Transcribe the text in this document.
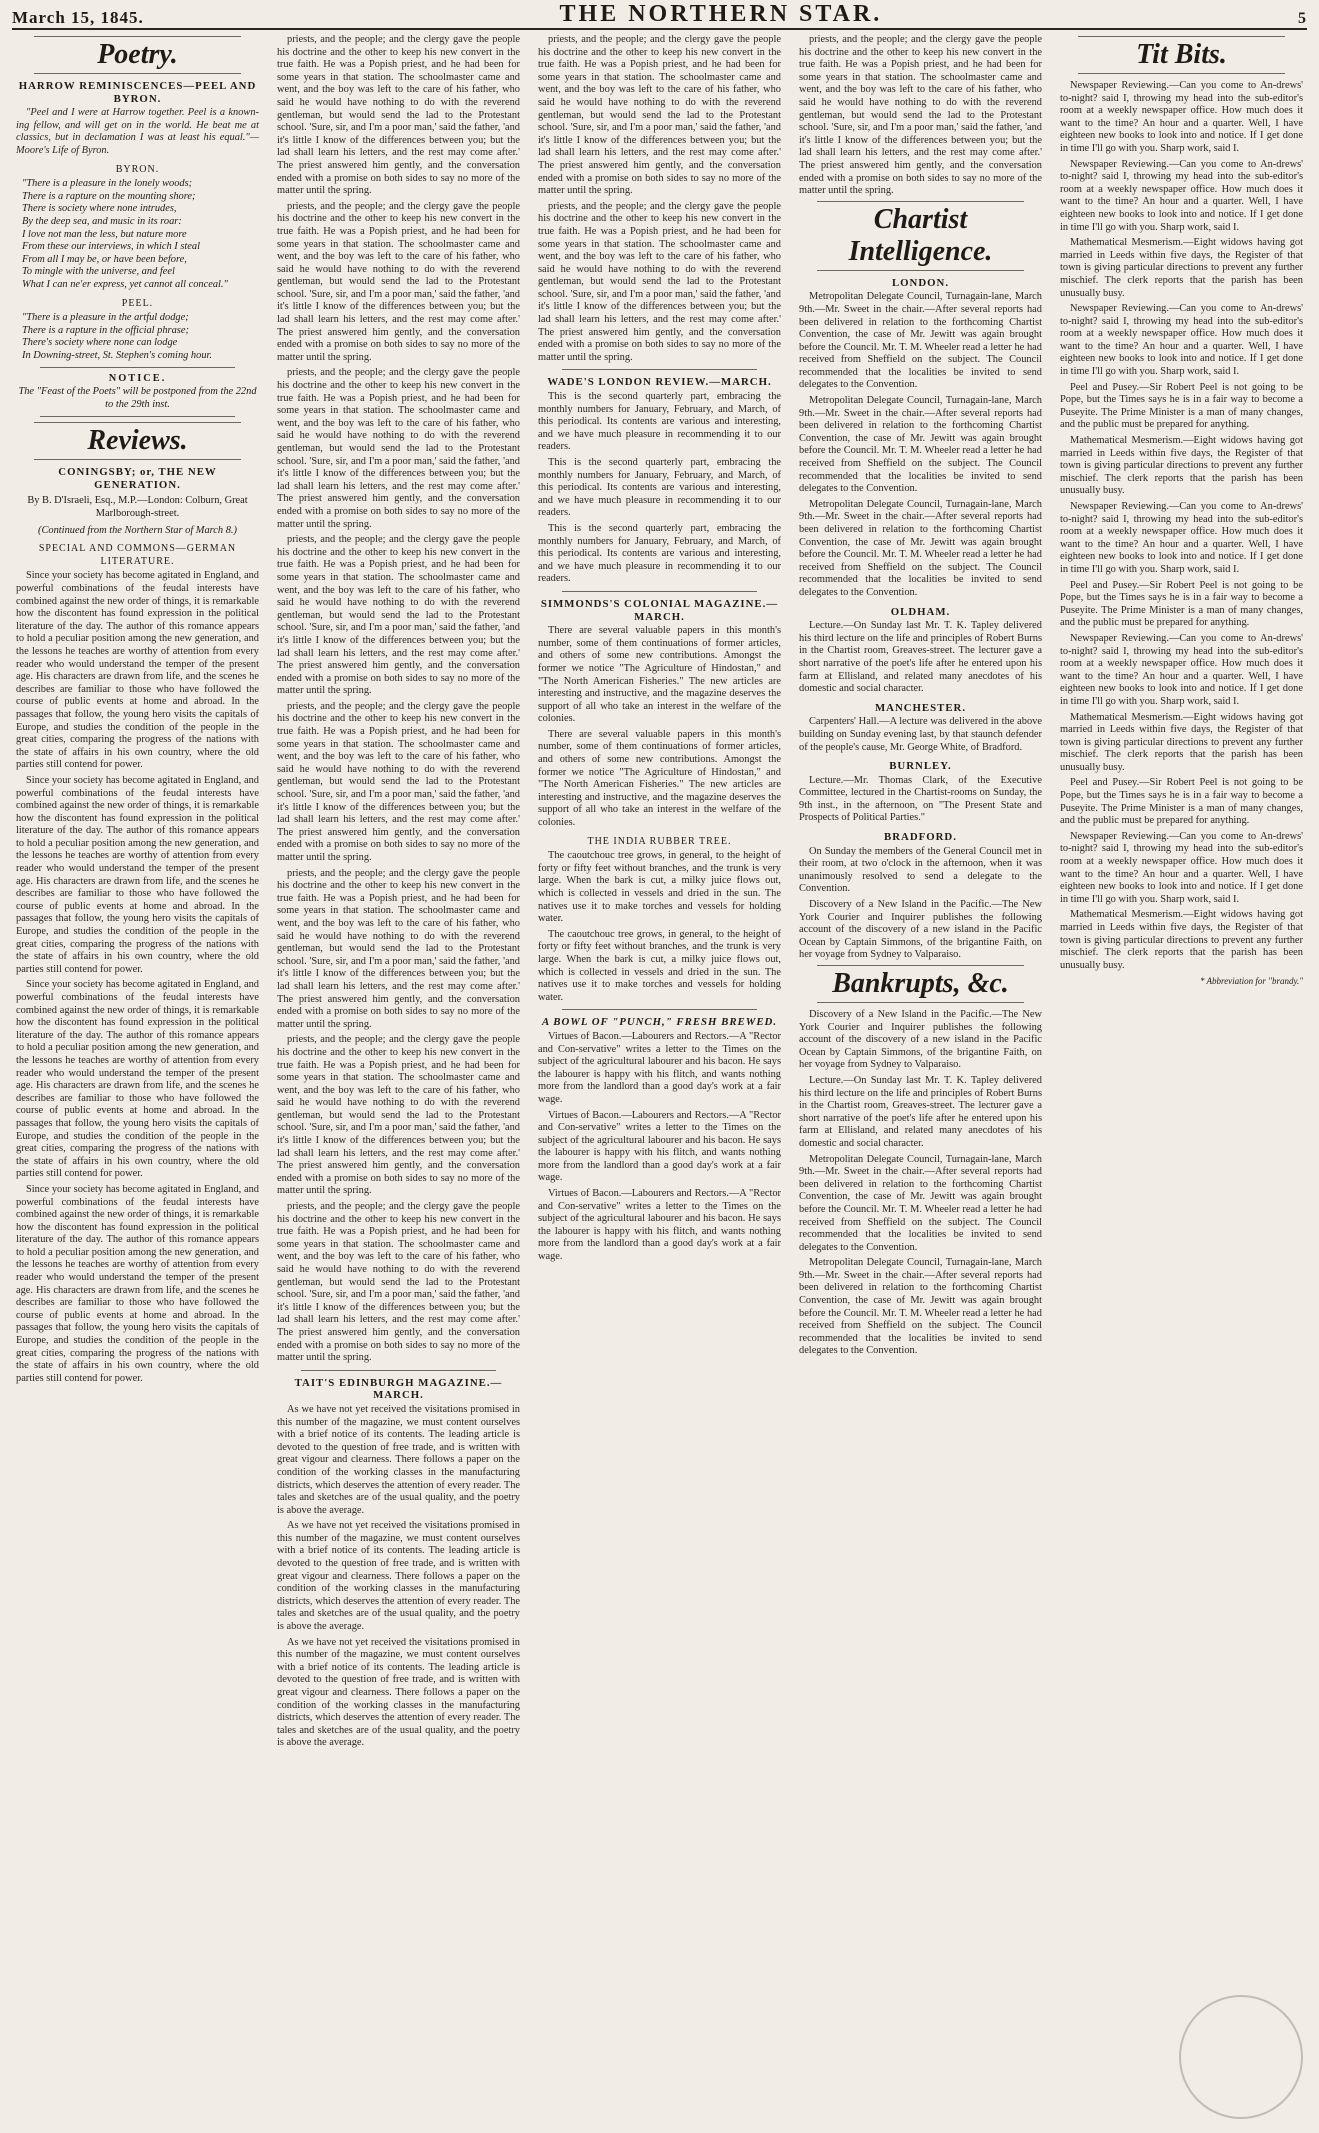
March 15, 1845.	THE NORTHERN STAR.	5
Poetry.
HARROW REMINISCENCES—PEEL AND BYRON.

"Peel and I were at Harrow together. Peel is a known-ing fellow, and will get on in the world. He beat me at classics, but in declamation I was at least his equal."— Moore's Life of Byron.

BYRON.
"There is a pleasure in the lonely woods;
There is a rapture on the mounting shore;
There is society where none intrudes,
By the deep sea, and music in its roar:
I love not man the less, but nature more
From these our interviews, in which I steal
From all I may be, or have been before,
To mingle with the universe, and feel
What I can ne'er express, yet cannot all conceal."
PEEL.
"There is a pleasure in the artful dodge;
There is a rapture in the official phrase;
There's society where none can lodge
In Downing-street, St. Stephen's coming hour.
NOTICE.
The "Feast of the Poets" will be postponed from the 22nd to the 29th inst.
Reviews.
CONINGSBY; or, THE NEW GENERATION.
By B. D'Israeli, Esq., M.P.—London: Colburn, Great Marlborough-street.
(Continued from the Northern Star of March 8.)
SPECIAL AND COMMONS—GERMAN LITERATURE.

Since your society has become agitated in England, and powerful combinations of the feudal interests have combined against the new order of things, it is remarkable how the discontent has found expression in the political literature of the day. The author of this romance appears to hold a peculiar position among the new generation, and the lessons he teaches are worthy of attention from every reader who would understand the temper of the present age. His characters are drawn from life, and the scenes he describes are familiar to those who have followed the course of public events at home and abroad. In the passages that follow, the young hero visits the capitals of Europe, and studies the condition of the people in the great cities, comparing the progress of the nations with the state of affairs in his own country, where the old parties still contend for power.

Since your society has become agitated in England, and powerful combinations of the feudal interests have combined against the new order of things, it is remarkable how the discontent has found expression in the political literature of the day. The author of this romance appears to hold a peculiar position among the new generation, and the lessons he teaches are worthy of attention from every reader who would understand the temper of the present age. His characters are drawn from life, and the scenes he describes are familiar to those who have followed the course of public events at home and abroad. In the passages that follow, the young hero visits the capitals of Europe, and studies the condition of the people in the great cities, comparing the progress of the nations with the state of affairs in his own country, where the old parties still contend for power.

Since your society has become agitated in England, and powerful combinations of the feudal interests have combined against the new order of things, it is remarkable how the discontent has found expression in the political literature of the day. The author of this romance appears to hold a peculiar position among the new generation, and the lessons he teaches are worthy of attention from every reader who would understand the temper of the present age. His characters are drawn from life, and the scenes he describes are familiar to those who have followed the course of public events at home and abroad. In the passages that follow, the young hero visits the capitals of Europe, and studies the condition of the people in the great cities, comparing the progress of the nations with the state of affairs in his own country, where the old parties still contend for power.

Since your society has become agitated in England, and powerful combinations of the feudal interests have combined against the new order of things, it is remarkable how the discontent has found expression in the political literature of the day. The author of this romance appears to hold a peculiar position among the new generation, and the lessons he teaches are worthy of attention from every reader who would understand the temper of the present age. His characters are drawn from life, and the scenes he describes are familiar to those who have followed the course of public events at home and abroad. In the passages that follow, the young hero visits the capitals of Europe, and studies the condition of the people in the great cities, comparing the progress of the nations with the state of affairs in his own country, where the old parties still contend for power.

priests, and the people; and the clergy gave the people his doctrine and the other to keep his new convert in the true faith. He was a Popish priest, and he had been for some years in that station. The schoolmaster came and went, and the boy was left to the care of his father, who said he would have nothing to do with the reverend gentleman, but would send the lad to the Protestant school. 'Sure, sir, and I'm a poor man,' said the father, 'and it's little I know of the differences between you; but the lad shall learn his letters, and the rest may come after.' The priest answered him gently, and the conversation ended with a promise on both sides to say no more of the matter until the spring.

priests, and the people; and the clergy gave the people his doctrine and the other to keep his new convert in the true faith. He was a Popish priest, and he had been for some years in that station. The schoolmaster came and went, and the boy was left to the care of his father, who said he would have nothing to do with the reverend gentleman, but would send the lad to the Protestant school. 'Sure, sir, and I'm a poor man,' said the father, 'and it's little I know of the differences between you; but the lad shall learn his letters, and the rest may come after.' The priest answered him gently, and the conversation ended with a promise on both sides to say no more of the matter until the spring.

priests, and the people; and the clergy gave the people his doctrine and the other to keep his new convert in the true faith. He was a Popish priest, and he had been for some years in that station. The schoolmaster came and went, and the boy was left to the care of his father, who said he would have nothing to do with the reverend gentleman, but would send the lad to the Protestant school. 'Sure, sir, and I'm a poor man,' said the father, 'and it's little I know of the differences between you; but the lad shall learn his letters, and the rest may come after.' The priest answered him gently, and the conversation ended with a promise on both sides to say no more of the matter until the spring.

priests, and the people; and the clergy gave the people his doctrine and the other to keep his new convert in the true faith. He was a Popish priest, and he had been for some years in that station. The schoolmaster came and went, and the boy was left to the care of his father, who said he would have nothing to do with the reverend gentleman, but would send the lad to the Protestant school. 'Sure, sir, and I'm a poor man,' said the father, 'and it's little I know of the differences between you; but the lad shall learn his letters, and the rest may come after.' The priest answered him gently, and the conversation ended with a promise on both sides to say no more of the matter until the spring.

priests, and the people; and the clergy gave the people his doctrine and the other to keep his new convert in the true faith. He was a Popish priest, and he had been for some years in that station. The schoolmaster came and went, and the boy was left to the care of his father, who said he would have nothing to do with the reverend gentleman, but would send the lad to the Protestant school. 'Sure, sir, and I'm a poor man,' said the father, 'and it's little I know of the differences between you; but the lad shall learn his letters, and the rest may come after.' The priest answered him gently, and the conversation ended with a promise on both sides to say no more of the matter until the spring.

priests, and the people; and the clergy gave the people his doctrine and the other to keep his new convert in the true faith. He was a Popish priest, and he had been for some years in that station. The schoolmaster came and went, and the boy was left to the care of his father, who said he would have nothing to do with the reverend gentleman, but would send the lad to the Protestant school. 'Sure, sir, and I'm a poor man,' said the father, 'and it's little I know of the differences between you; but the lad shall learn his letters, and the rest may come after.' The priest answered him gently, and the conversation ended with a promise on both sides to say no more of the matter until the spring.

priests, and the people; and the clergy gave the people his doctrine and the other to keep his new convert in the true faith. He was a Popish priest, and he had been for some years in that station. The schoolmaster came and went, and the boy was left to the care of his father, who said he would have nothing to do with the reverend gentleman, but would send the lad to the Protestant school. 'Sure, sir, and I'm a poor man,' said the father, 'and it's little I know of the differences between you; but the lad shall learn his letters, and the rest may come after.' The priest answered him gently, and the conversation ended with a promise on both sides to say no more of the matter until the spring.

priests, and the people; and the clergy gave the people his doctrine and the other to keep his new convert in the true faith. He was a Popish priest, and he had been for some years in that station. The schoolmaster came and went, and the boy was left to the care of his father, who said he would have nothing to do with the reverend gentleman, but would send the lad to the Protestant school. 'Sure, sir, and I'm a poor man,' said the father, 'and it's little I know of the differences between you; but the lad shall learn his letters, and the rest may come after.' The priest answered him gently, and the conversation ended with a promise on both sides to say no more of the matter until the spring.

TAIT'S EDINBURGH MAGAZINE.—MARCH.

As we have not yet received the visitations promised in this number of the magazine, we must content ourselves with a brief notice of its contents. The leading article is devoted to the question of free trade, and is written with great vigour and clearness. There follows a paper on the condition of the working classes in the manufacturing districts, which deserves the attention of every reader. The tales and sketches are of the usual quality, and the poetry is above the average.

As we have not yet received the visitations promised in this number of the magazine, we must content ourselves with a brief notice of its contents. The leading article is devoted to the question of free trade, and is written with great vigour and clearness. There follows a paper on the condition of the working classes in the manufacturing districts, which deserves the attention of every reader. The tales and sketches are of the usual quality, and the poetry is above the average.

As we have not yet received the visitations promised in this number of the magazine, we must content ourselves with a brief notice of its contents. The leading article is devoted to the question of free trade, and is written with great vigour and clearness. There follows a paper on the condition of the working classes in the manufacturing districts, which deserves the attention of every reader. The tales and sketches are of the usual quality, and the poetry is above the average.

priests, and the people; and the clergy gave the people his doctrine and the other to keep his new convert in the true faith. He was a Popish priest, and he had been for some years in that station. The schoolmaster came and went, and the boy was left to the care of his father, who said he would have nothing to do with the reverend gentleman, but would send the lad to the Protestant school. 'Sure, sir, and I'm a poor man,' said the father, 'and it's little I know of the differences between you; but the lad shall learn his letters, and the rest may come after.' The priest answered him gently, and the conversation ended with a promise on both sides to say no more of the matter until the spring.

priests, and the people; and the clergy gave the people his doctrine and the other to keep his new convert in the true faith. He was a Popish priest, and he had been for some years in that station. The schoolmaster came and went, and the boy was left to the care of his father, who said he would have nothing to do with the reverend gentleman, but would send the lad to the Protestant school. 'Sure, sir, and I'm a poor man,' said the father, 'and it's little I know of the differences between you; but the lad shall learn his letters, and the rest may come after.' The priest answered him gently, and the conversation ended with a promise on both sides to say no more of the matter until the spring.

WADE'S LONDON REVIEW.—MARCH.

This is the second quarterly part, embracing the monthly numbers for January, February, and March, of this periodical. Its contents are various and interesting, and we have much pleasure in recommending it to our readers.

This is the second quarterly part, embracing the monthly numbers for January, February, and March, of this periodical. Its contents are various and interesting, and we have much pleasure in recommending it to our readers.

This is the second quarterly part, embracing the monthly numbers for January, February, and March, of this periodical. Its contents are various and interesting, and we have much pleasure in recommending it to our readers.

SIMMONDS'S COLONIAL MAGAZINE.—MARCH.

There are several valuable papers in this month's number, some of them continuations of former articles, and others of some new contributions. Amongst the former we notice "The Agriculture of Hindostan," and "The North American Fisheries." The new articles are interesting and instructive, and the magazine deserves the support of all who take an interest in the welfare of the colonies.

There are several valuable papers in this month's number, some of them continuations of former articles, and others of some new contributions. Amongst the former we notice "The Agriculture of Hindostan," and "The North American Fisheries." The new articles are interesting and instructive, and the magazine deserves the support of all who take an interest in the welfare of the colonies.

THE INDIA RUBBER TREE.

The caoutchouc tree grows, in general, to the height of forty or fifty feet without branches, and the trunk is very large. When the bark is cut, a milky juice flows out, which is collected in vessels and dried in the sun. The natives use it to make torches and vessels for holding water.

The caoutchouc tree grows, in general, to the height of forty or fifty feet without branches, and the trunk is very large. When the bark is cut, a milky juice flows out, which is collected in vessels and dried in the sun. The natives use it to make torches and vessels for holding water.

A BOWL OF "PUNCH," FRESH BREWED.

Virtues of Bacon.—Labourers and Rectors.—A "Rector and Con-servative" writes a letter to the Times on the subject of the agricultural labourer and his bacon. He says the labourer is happy with his flitch, and wants nothing more from the landlord than a good day's work at a fair wage.

Virtues of Bacon.—Labourers and Rectors.—A "Rector and Con-servative" writes a letter to the Times on the subject of the agricultural labourer and his bacon. He says the labourer is happy with his flitch, and wants nothing more from the landlord than a good day's work at a fair wage.

Virtues of Bacon.—Labourers and Rectors.—A "Rector and Con-servative" writes a letter to the Times on the subject of the agricultural labourer and his bacon. He says the labourer is happy with his flitch, and wants nothing more from the landlord than a good day's work at a fair wage.

priests, and the people; and the clergy gave the people his doctrine and the other to keep his new convert in the true faith. He was a Popish priest, and he had been for some years in that station. The schoolmaster came and went, and the boy was left to the care of his father, who said he would have nothing to do with the reverend gentleman, but would send the lad to the Protestant school. 'Sure, sir, and I'm a poor man,' said the father, 'and it's little I know of the differences between you; but the lad shall learn his letters, and the rest may come after.' The priest answered him gently, and the conversation ended with a promise on both sides to say no more of the matter until the spring.

Chartist Intelligence.
LONDON.

Metropolitan Delegate Council, Turnagain-lane, March 9th.—Mr. Sweet in the chair.—After several reports had been delivered in relation to the forthcoming Chartist Convention, the case of Mr. Jewitt was again brought before the Council. Mr. T. M. Wheeler read a letter he had received from Sheffield on the subject. The Council recommended that the localities be invited to send delegates to the Convention.

Metropolitan Delegate Council, Turnagain-lane, March 9th.—Mr. Sweet in the chair.—After several reports had been delivered in relation to the forthcoming Chartist Convention, the case of Mr. Jewitt was again brought before the Council. Mr. T. M. Wheeler read a letter he had received from Sheffield on the subject. The Council recommended that the localities be invited to send delegates to the Convention.

Metropolitan Delegate Council, Turnagain-lane, March 9th.—Mr. Sweet in the chair.—After several reports had been delivered in relation to the forthcoming Chartist Convention, the case of Mr. Jewitt was again brought before the Council. Mr. T. M. Wheeler read a letter he had received from Sheffield on the subject. The Council recommended that the localities be invited to send delegates to the Convention.

OLDHAM.

Lecture.—On Sunday last Mr. T. K. Tapley delivered his third lecture on the life and principles of Robert Burns in the Chartist room, Greaves-street. The lecturer gave a short narrative of the poet's life after he entered upon his farm at Ellisland, and related many anecdotes of his domestic and social character.

MANCHESTER.

Carpenters' Hall.—A lecture was delivered in the above building on Sunday evening last, by that staunch defender of the people's cause, Mr. George White, of Bradford.

BURNLEY.

Lecture.—Mr. Thomas Clark, of the Executive Committee, lectured in the Chartist-rooms on Sunday, the 9th inst., in the afternoon, on "The Present State and Prospects of Political Parties."

BRADFORD.

On Sunday the members of the General Council met in their room, at two o'clock in the afternoon, when it was unanimously resolved to send a delegate to the Convention.

Discovery of a New Island in the Pacific.—The New York Courier and Inquirer publishes the following account of the discovery of a new island in the Pacific Ocean by Captain Simmons, of the brigantine Faith, on her voyage from Sydney to Valparaiso.

Bankrupts, &c.

Discovery of a New Island in the Pacific.—The New York Courier and Inquirer publishes the following account of the discovery of a new island in the Pacific Ocean by Captain Simmons, of the brigantine Faith, on her voyage from Sydney to Valparaiso.

Lecture.—On Sunday last Mr. T. K. Tapley delivered his third lecture on the life and principles of Robert Burns in the Chartist room, Greaves-street. The lecturer gave a short narrative of the poet's life after he entered upon his farm at Ellisland, and related many anecdotes of his domestic and social character.

Metropolitan Delegate Council, Turnagain-lane, March 9th.—Mr. Sweet in the chair.—After several reports had been delivered in relation to the forthcoming Chartist Convention, the case of Mr. Jewitt was again brought before the Council. Mr. T. M. Wheeler read a letter he had received from Sheffield on the subject. The Council recommended that the localities be invited to send delegates to the Convention.

Metropolitan Delegate Council, Turnagain-lane, March 9th.—Mr. Sweet in the chair.—After several reports had been delivered in relation to the forthcoming Chartist Convention, the case of Mr. Jewitt was again brought before the Council. Mr. T. M. Wheeler read a letter he had received from Sheffield on the subject. The Council recommended that the localities be invited to send delegates to the Convention.

Tit Bits.

Newspaper Reviewing.—Can you come to An-drews' to-night? said I, throwing my head into the sub-editor's room at a weekly newspaper office. How much does it want to the time? An hour and a quarter. Well, I have eighteen new books to look into and notice. If I get done in time I'll go with you. Sharp work, said I.

Newspaper Reviewing.—Can you come to An-drews' to-night? said I, throwing my head into the sub-editor's room at a weekly newspaper office. How much does it want to the time? An hour and a quarter. Well, I have eighteen new books to look into and notice. If I get done in time I'll go with you. Sharp work, said I.

Mathematical Mesmerism.—Eight widows having got married in Leeds within five days, the Register of that town is giving particular directions to prevent any further mischief. The clerk reports that the parish has been unusually busy.

Newspaper Reviewing.—Can you come to An-drews' to-night? said I, throwing my head into the sub-editor's room at a weekly newspaper office. How much does it want to the time? An hour and a quarter. Well, I have eighteen new books to look into and notice. If I get done in time I'll go with you. Sharp work, said I.

Peel and Pusey.—Sir Robert Peel is not going to be Pope, but the Times says he is in a fair way to become a Puseyite. The Prime Minister is a man of many changes, and the public must be prepared for anything.

Mathematical Mesmerism.—Eight widows having got married in Leeds within five days, the Register of that town is giving particular directions to prevent any further mischief. The clerk reports that the parish has been unusually busy.

Newspaper Reviewing.—Can you come to An-drews' to-night? said I, throwing my head into the sub-editor's room at a weekly newspaper office. How much does it want to the time? An hour and a quarter. Well, I have eighteen new books to look into and notice. If I get done in time I'll go with you. Sharp work, said I.

Peel and Pusey.—Sir Robert Peel is not going to be Pope, but the Times says he is in a fair way to become a Puseyite. The Prime Minister is a man of many changes, and the public must be prepared for anything.

Newspaper Reviewing.—Can you come to An-drews' to-night? said I, throwing my head into the sub-editor's room at a weekly newspaper office. How much does it want to the time? An hour and a quarter. Well, I have eighteen new books to look into and notice. If I get done in time I'll go with you. Sharp work, said I.

Mathematical Mesmerism.—Eight widows having got married in Leeds within five days, the Register of that town is giving particular directions to prevent any further mischief. The clerk reports that the parish has been unusually busy.

Peel and Pusey.—Sir Robert Peel is not going to be Pope, but the Times says he is in a fair way to become a Puseyite. The Prime Minister is a man of many changes, and the public must be prepared for anything.

Newspaper Reviewing.—Can you come to An-drews' to-night? said I, throwing my head into the sub-editor's room at a weekly newspaper office. How much does it want to the time? An hour and a quarter. Well, I have eighteen new books to look into and notice. If I get done in time I'll go with you. Sharp work, said I.

Mathematical Mesmerism.—Eight widows having got married in Leeds within five days, the Register of that town is giving particular directions to prevent any further mischief. The clerk reports that the parish has been unusually busy.

* Abbreviation for "brandy."
